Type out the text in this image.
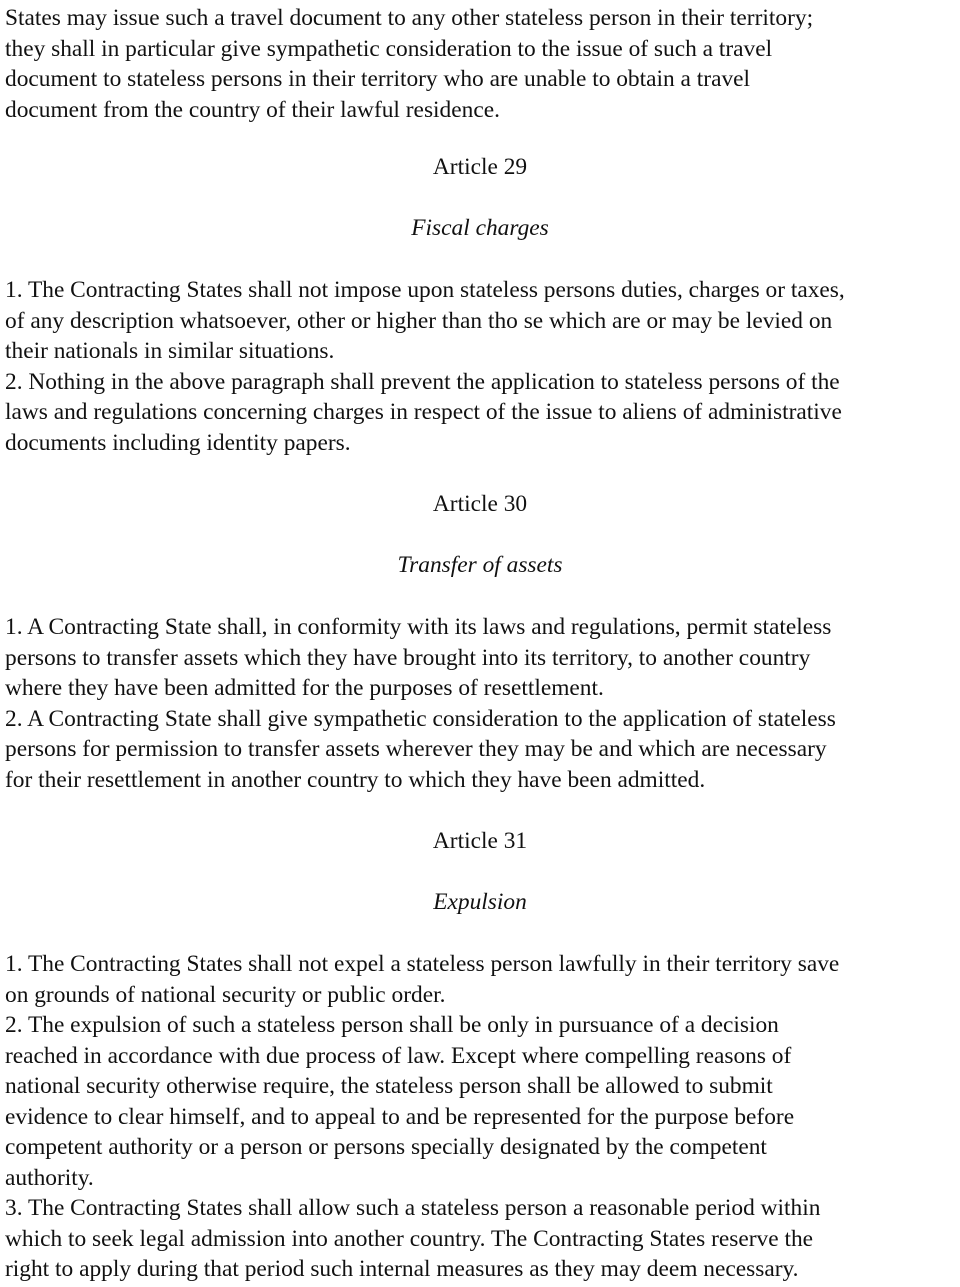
States may issue such a travel document to any other stateless person in their territory;
they shall in particular give sympathetic consideration to the issue of such a travel
document to stateless persons in their territory who are unable to obtain a travel
document from the country of their lawful residence.
Article 29
Fiscal charges
1. The Contracting States shall not impose upon stateless persons duties, charges or taxes,
of any description whatsoever, other or higher than tho se which are or may be levied on
their nationals in similar situations.
2. Nothing in the above paragraph shall prevent the application to stateless persons of the
laws and regulations concerning charges in respect of the issue to aliens of administrative
documents including identity papers.
Article 30
Transfer of assets
1. A Contracting State shall, in conformity with its laws and regulations, permit stateless
persons to transfer assets which they have brought into its territory, to another country
where they have been admitted for the purposes of resettlement.
2. A Contracting State shall give sympathetic consideration to the application of stateless
persons for permission to transfer assets wherever they may be and which are necessary
for their resettlement in another country to which they have been admitted.
Article 31
Expulsion
1. The Contracting States shall not expel a stateless person lawfully in their territory save
on grounds of national security or public order.
2. The expulsion of such a stateless person shall be only in pursuance of a decision
reached in accordance with due process of law. Except where compelling reasons of
national security otherwise require, the stateless person shall be allowed to submit
evidence to clear himself, and to appeal to and be represented for the purpose before
competent authority or a person or persons specially designated by the competent
authority.
3. The Contracting States shall allow such a stateless person a reasonable period within
which to seek legal admission into another country. The Contracting States reserve the
right to apply during that period such internal measures as they may deem necessary.
